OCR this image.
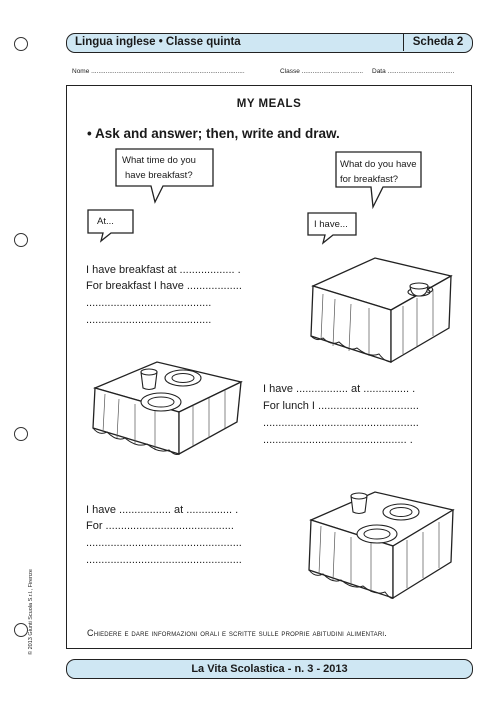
Lingua inglese • Classe quinta	Scheda 2
Nome .....................................................................................	Classe .................................. Data .....................................
MY MEALS
• Ask and answer; then, write and draw.
What time do you
have breakfast?
What do you have
for breakfast?
At...	I have...
I have breakfast at .................. .
For breakfast I have ..................
.........................................
.........................................
I have ................. at ............... .
For lunch I .................................
...................................................
............................................... .
I have ................. at ............... .
For ..........................................
...................................................
...................................................
Chiedere e dare informazioni orali e scritte sulle proprie abitudini alimentari.
© 2013 Giunti Scuola S.r.l., Firenze
La Vita Scolastica - n. 3 - 2013
